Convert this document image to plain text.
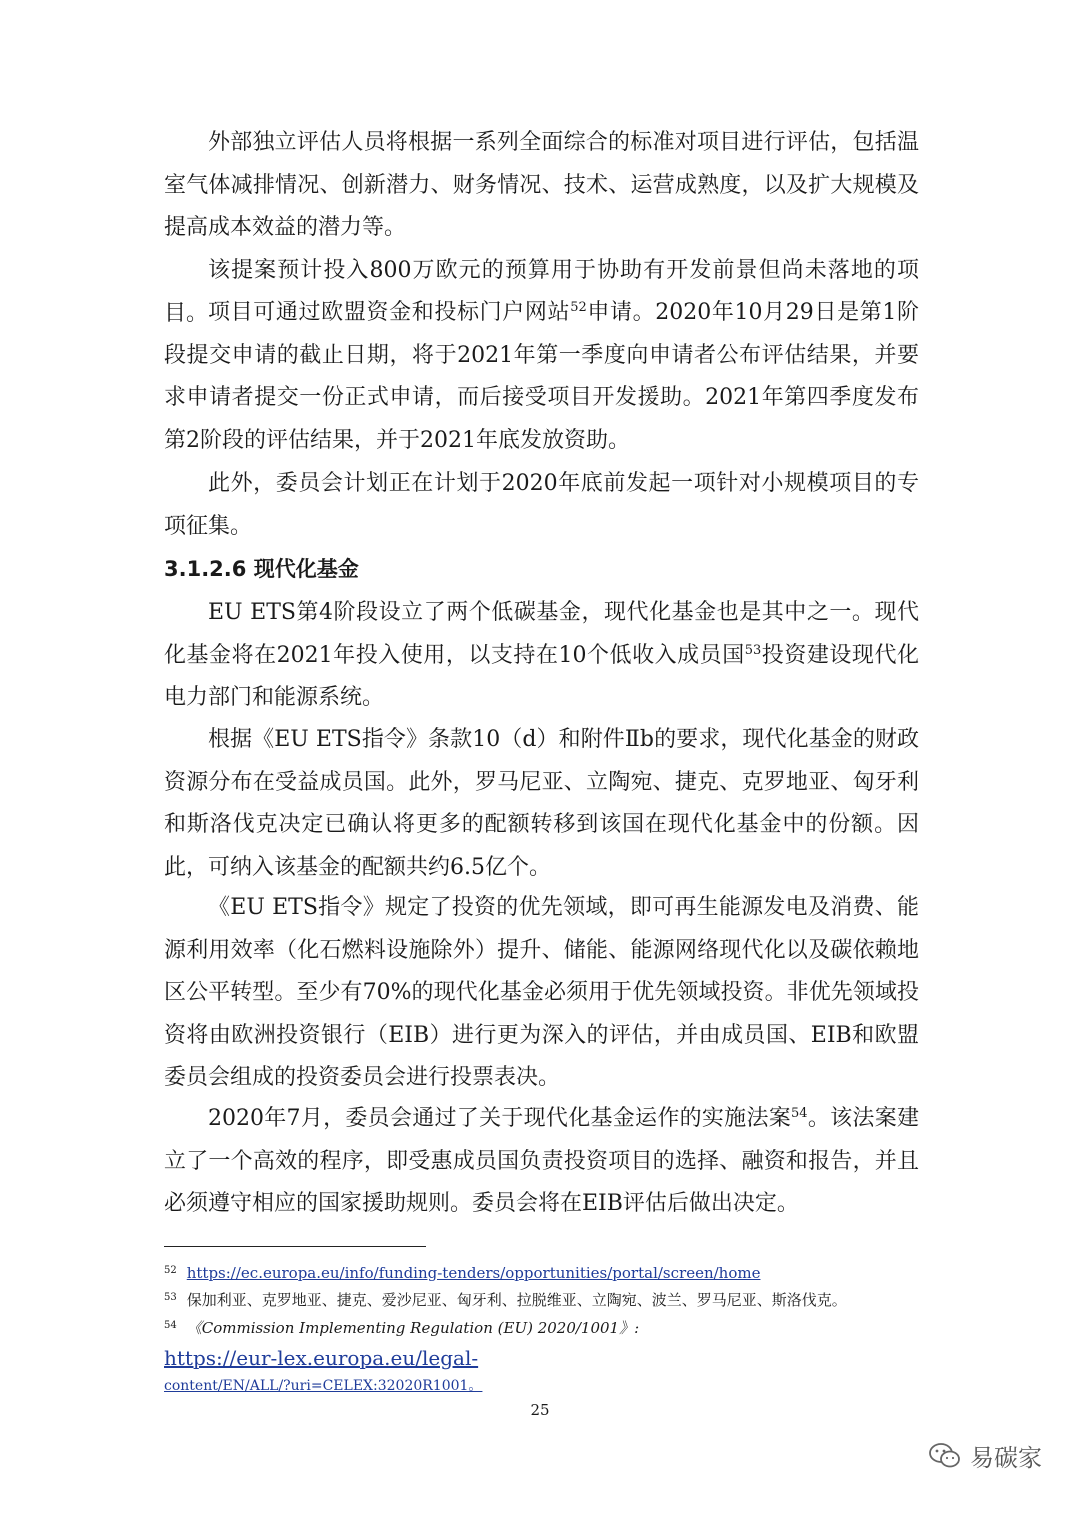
外部独立评估人员将根据一系列全面综合的标准对项目进行评估，包括温室气体减排情况、创新潜力、财务情况、技术、运营成熟度，以及扩大规模及提高成本效益的潜力等。

该提案预计投入800万欧元的预算用于协助有开发前景但尚未落地的项目。 项目可通过欧盟资金和投标门户网站$^{52}$申请。2020年10月29日是第1阶段提交申请的截止日期，将于2021年第一季度向申请者公布评估结果，并要求申请者提交一份正式申请，而后接受项目开发援助。2021年第四季度发布第2阶段的评估结果，并于2021年底发放资助。

此外，委员会计划正在计划于2020年底前发起一项针对小规模项目的专项征集。

3.1.2.6 现代化基金

EU ETS第4阶段设立了两个低碳基金，现代化基金也是其中之一。现代化基金将在2021年投入使用，以支持在10个低收入成员国$^{53}$投资建设现代化电力部门和能源系统。

根据《EU ETS指令》条款10（d）和附件Ⅱb的要求，现代化基金的财政资源分布在受益成员国。此外，罗马尼亚、立陶宛、捷克、克罗地亚、匈牙利和斯洛伐克决定已确认将更多的配额转移到该国在现代化基金中的份额。因此，可纳入该基金的配额共约6.5亿个。

《EU ETS指令》规定了投资的优先领域，即可再生能源发电及消费、能源利用效率（化石燃料设施除外）提升、储能、能源网络现代化以及碳依赖地区公平转型。至少有70%的现代化基金必须用于优先领域投资。非优先领域投资将由欧洲投资银行（EIB）进行更为深入的评估，并由成员国、EIB和欧盟委员会组成的投资委员会进行投票表决。

2020年7月，委员会通过了关于现代化基金运作的实施法案$^{54}$。该法案建立了一个高效的程序，即受惠成员国负责投资项目的选择、融资和报告，并且必须遵守相应的国家援助规则。委员会将在EIB评估后做出决定。

$^{52}$ https://ec.europa.eu/info/funding-tenders/opportunities/portal/screen/home
$^{53}$ 保加利亚、克罗地亚、捷克、爱沙尼亚、匈牙利、拉脱维亚、立陶宛、波兰、罗马尼亚、斯洛伐克。
$^{54}$ 《Commission Implementing Regulation (EU) 2020/1001》:
https://eur-lex.europa.eu/legal-
content/EN/ALL/?uri=CELEX:32020R1001。
25
易碳家
